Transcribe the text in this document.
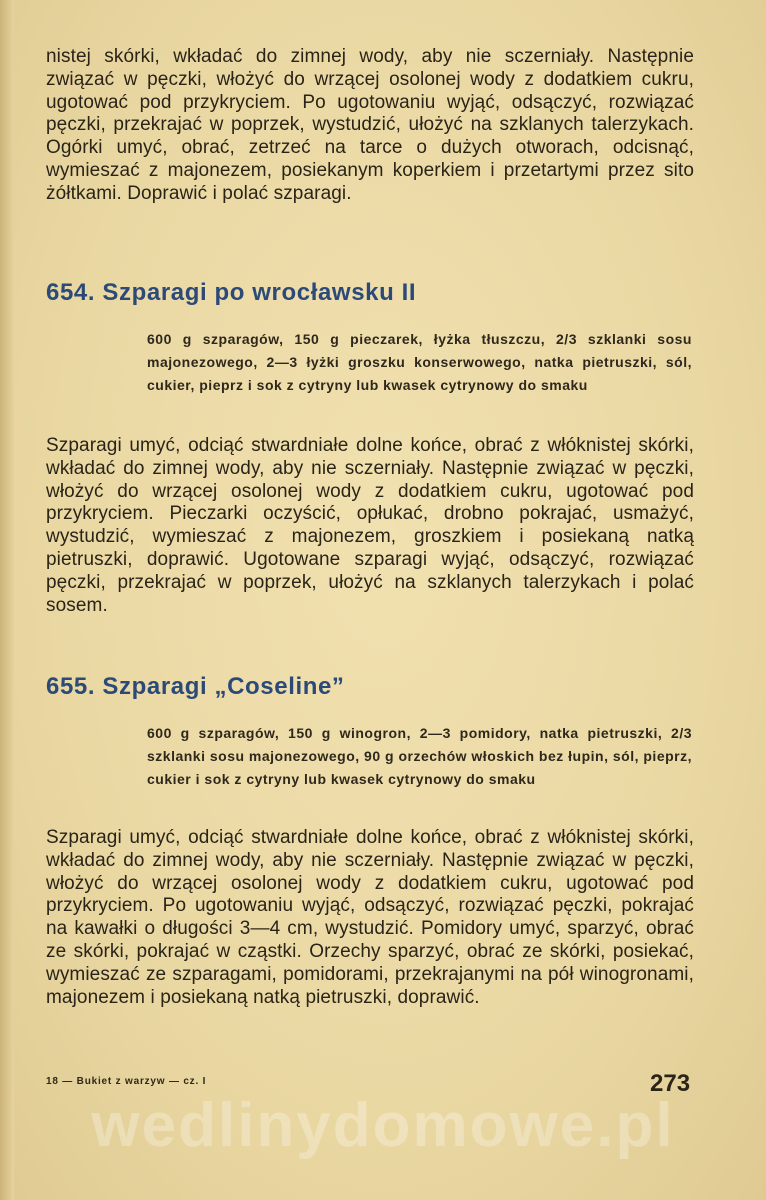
nistej skórki, wkładać do zimnej wody, aby nie sczerniały. Następnie związać w pęczki, włożyć do wrzącej osolonej wody z dodatkiem cukru, ugotować pod przykryciem. Po ugotowaniu wyjąć, odsączyć, rozwiązać pęczki, przekrajać w poprzek, wystudzić, ułożyć na szklanych talerzykach. Ogórki umyć, obrać, zetrzeć na tarce o dużych otworach, odcisnąć, wymieszać z majonezem, posiekanym koperkiem i przetartymi przez sito żółtkami. Doprawić i polać szparagi.

654. Szparagi po wrocławsku II

600 g szparagów, 150 g pieczarek, łyżka tłuszczu, 2/3 szklanki sosu majonezowego, 2—3 łyżki groszku konserwowego, natka pietruszki, sól, cukier, pieprz i sok z cytryny lub kwasek cytrynowy do smaku

Szparagi umyć, odciąć stwardniałe dolne końce, obrać z włóknistej skórki, wkładać do zimnej wody, aby nie sczerniały. Następnie związać w pęczki, włożyć do wrzącej osolonej wody z dodatkiem cukru, ugotować pod przykryciem. Pieczarki oczyścić, opłukać, drobno pokrajać, usmażyć, wystudzić, wymieszać z majonezem, groszkiem i posiekaną natką pietruszki, doprawić. Ugotowane szparagi wyjąć, odsączyć, rozwiązać pęczki, przekrajać w poprzek, ułożyć na szklanych talerzykach i polać sosem.

655. Szparagi „Coseline”

600 g szparagów, 150 g winogron, 2—3 pomidory, natka pietruszki, 2/3 szklanki sosu majonezowego, 90 g orzechów włoskich bez łupin, sól, pieprz, cukier i sok z cytryny lub kwasek cytrynowy do smaku

Szparagi umyć, odciąć stwardniałe dolne końce, obrać z włóknistej skórki, wkładać do zimnej wody, aby nie sczerniały. Następnie związać w pęczki, włożyć do wrzącej osolonej wody z dodatkiem cukru, ugotować pod przykryciem. Po ugotowaniu wyjąć, odsączyć, rozwiązać pęczki, pokrajać na kawałki o długości 3—4 cm, wystudzić. Pomidory umyć, sparzyć, obrać ze skórki, pokrajać w cząstki. Orzechy sparzyć, obrać ze skórki, posiekać, wymieszać ze szparagami, pomidorami, przekrajanymi na pół winogronami, majonezem i posiekaną natką pietruszki, doprawić.

18 — Bukiet z warzyw — cz. I	273
wedlinydomowe.pl
